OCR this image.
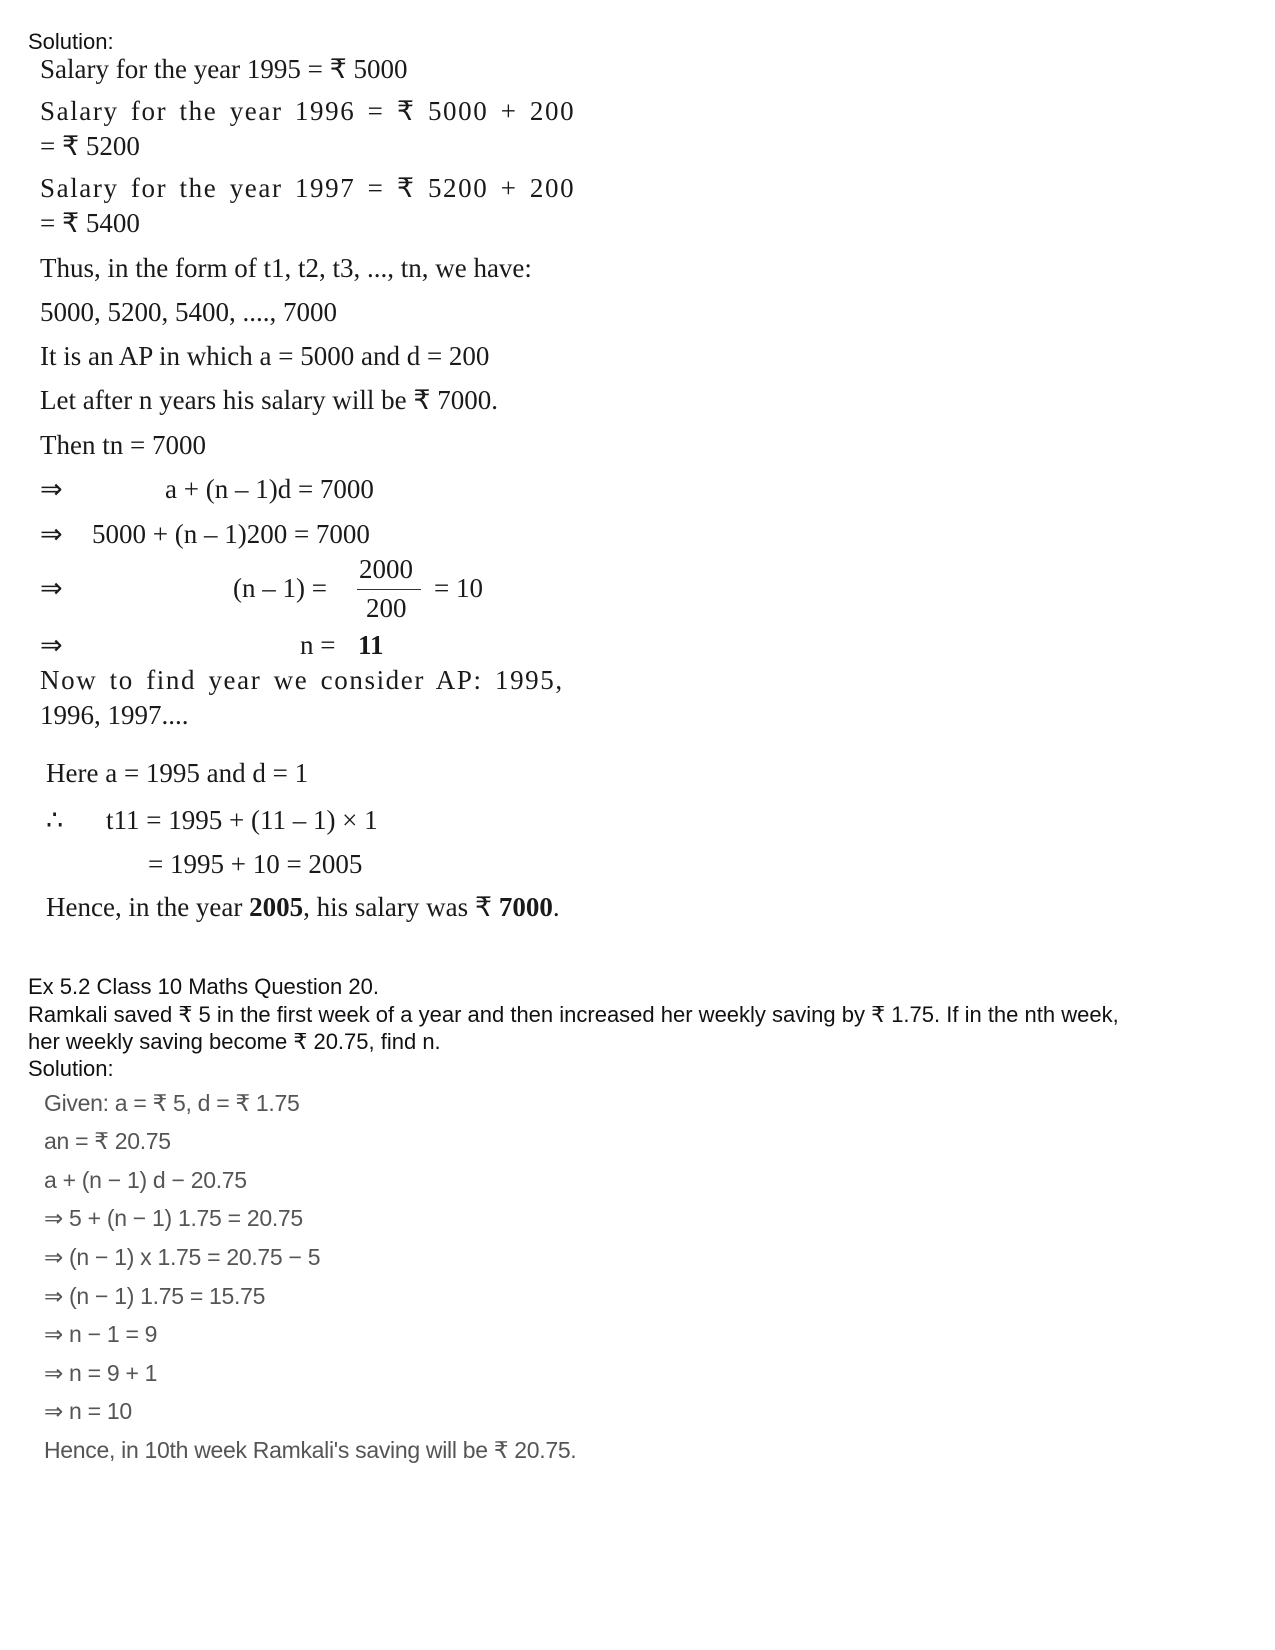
Solution:
Salary for the year 1995 = ₹ 5000
Salary for the year 1996 = ₹ 5000 + 200
= ₹ 5200
Salary for the year 1997 = ₹ 5200 + 200
= ₹ 5400
Thus, in the form of t1, t2, t3, ..., tn, we have:
5000, 5200, 5400, ...., 7000
It is an AP in which a = 5000 and d = 200
Let after n years his salary will be ₹ 7000.
Then tn = 7000
⇒	a + (n – 1)d = 7000
⇒ 5000 + (n – 1)200 = 7000
⇒	(n – 1) =
2000
200
= 10
⇒	n = 11
Now to find year we consider AP: 1995,
1996, 1997....
Here a = 1995 and d = 1
∴ t11 = 1995 + (11 – 1) × 1
= 1995 + 10 = 2005
Hence, in the year 2005, his salary was ₹ 7000.
Ex 5.2 Class 10 Maths Question 20.
Ramkali saved ₹ 5 in the first week of a year and then increased her weekly saving by ₹ 1.75. If in the nth week,
her weekly saving become ₹ 20.75, find n.
Solution:
Given: a = ₹ 5, d = ₹ 1.75
an = ₹ 20.75
a + (n − 1) d − 20.75
⇒ 5 + (n − 1) 1.75 = 20.75
⇒ (n − 1) x 1.75 = 20.75 − 5
⇒ (n − 1) 1.75 = 15.75
⇒ n − 1 = 9
⇒ n = 9 + 1
⇒ n = 10
Hence, in 10th week Ramkali's saving will be ₹ 20.75.
